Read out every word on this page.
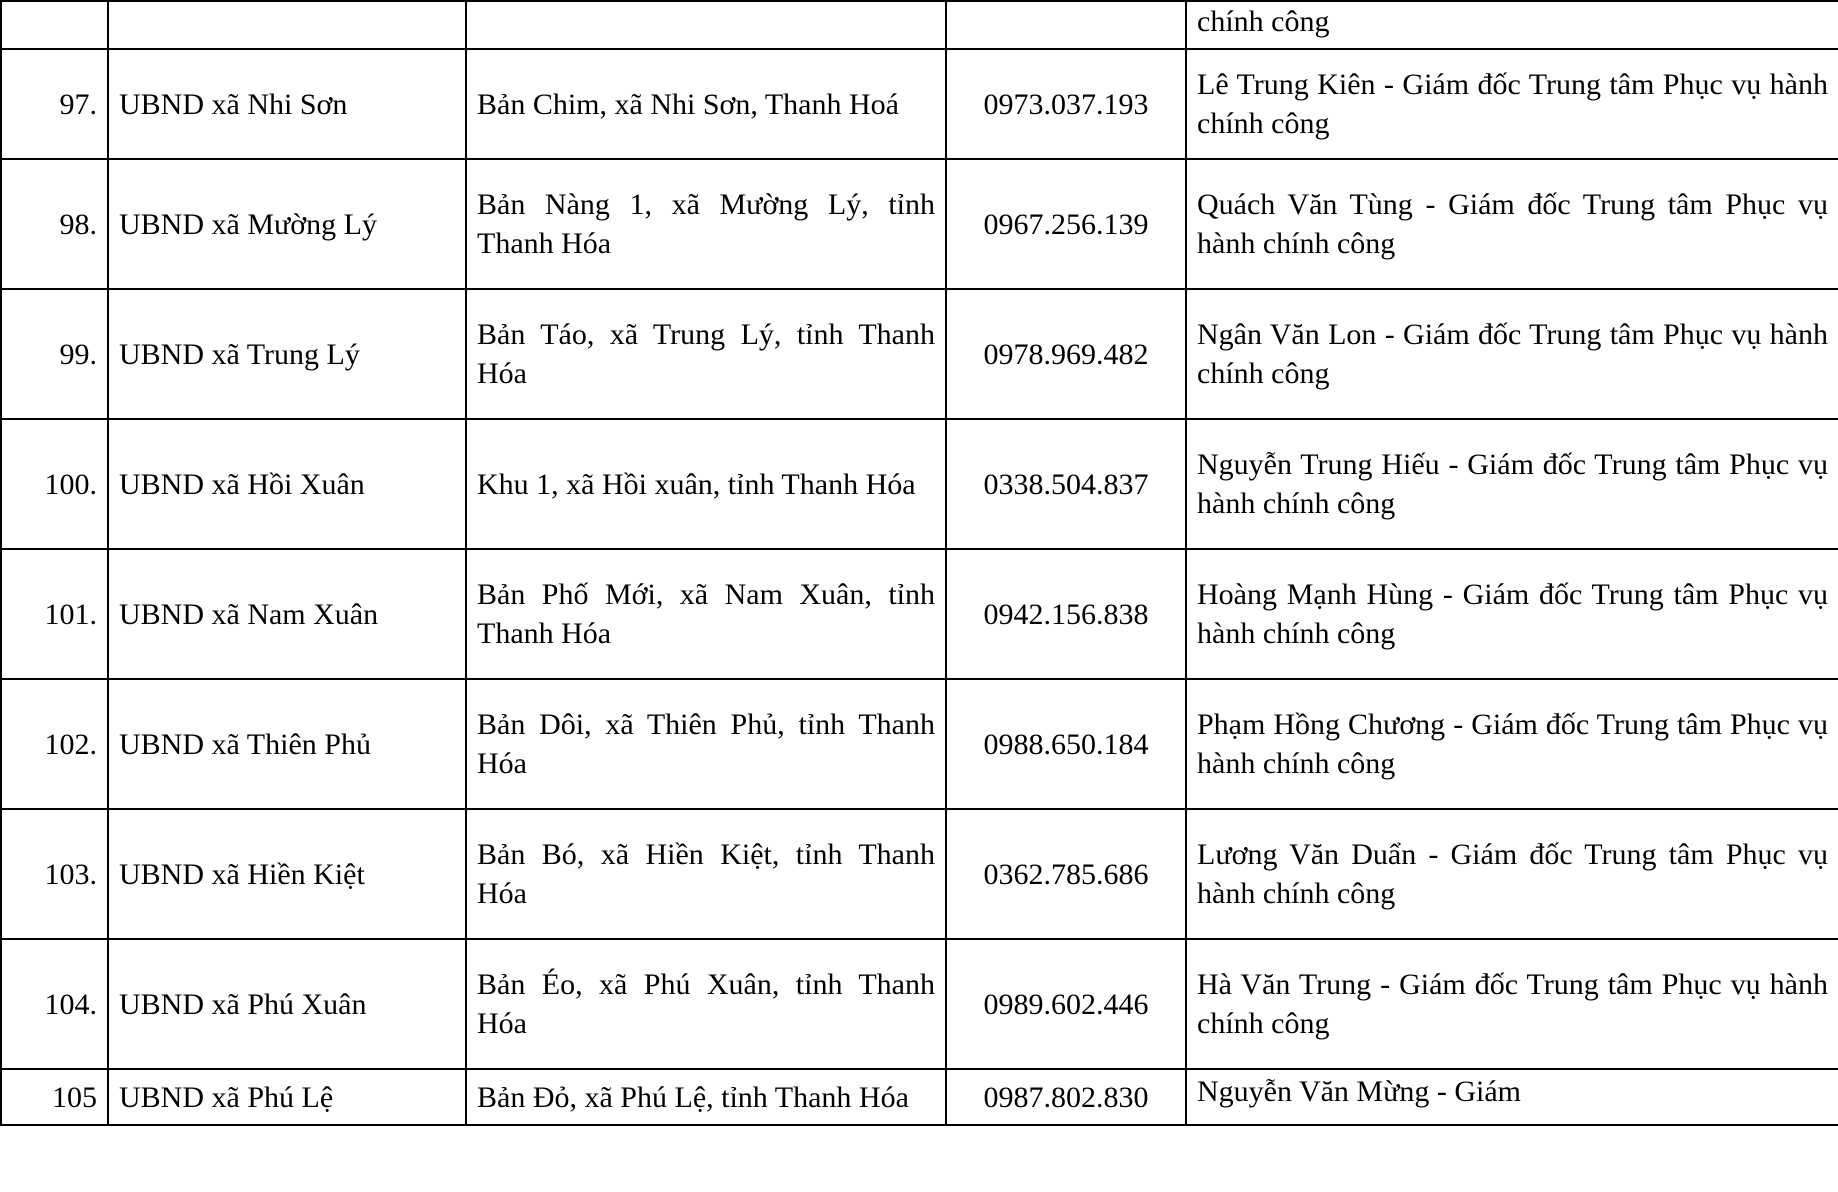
				chính công
97.	UBND xã Nhi Sơn	Bản Chim, xã Nhi Sơn, Thanh Hoá	0973.037.193	Lê Trung Kiên - Giám đốc Trung tâm Phục vụ hành chính công
98.	UBND xã Mường Lý	Bản Nàng 1, xã Mường Lý, tỉnh Thanh Hóa	0967.256.139	Quách Văn Tùng - Giám đốc Trung tâm Phục vụ hành chính công
99.	UBND xã Trung Lý	Bản Táo, xã Trung Lý, tỉnh Thanh Hóa	0978.969.482	Ngân Văn Lon - Giám đốc Trung tâm Phục vụ hành chính công
100.	UBND xã Hồi Xuân	Khu 1, xã Hồi xuân, tỉnh Thanh Hóa	0338.504.837	Nguyễn Trung Hiếu - Giám đốc Trung tâm Phục vụ hành chính công
101.	UBND xã Nam Xuân	Bản Phố Mới, xã Nam Xuân, tỉnh Thanh Hóa	0942.156.838	Hoàng Mạnh Hùng - Giám đốc Trung tâm Phục vụ hành chính công
102.	UBND xã Thiên Phủ	Bản Dôi, xã Thiên Phủ, tỉnh Thanh Hóa	0988.650.184	Phạm Hồng Chương - Giám đốc Trung tâm Phục vụ hành chính công
103.	UBND xã Hiền Kiệt	Bản Bó, xã Hiền Kiệt, tỉnh Thanh Hóa	0362.785.686	Lương Văn Duẩn - Giám đốc Trung tâm Phục vụ hành chính công
104.	UBND xã Phú Xuân	Bản Éo, xã Phú Xuân, tỉnh Thanh Hóa	0989.602.446	Hà Văn Trung - Giám đốc Trung tâm Phục vụ hành chính công
105	UBND xã Phú Lệ	Bản Đỏ, xã Phú Lệ, tỉnh Thanh Hóa	0987.802.830	Nguyễn Văn Mừng - Giám
